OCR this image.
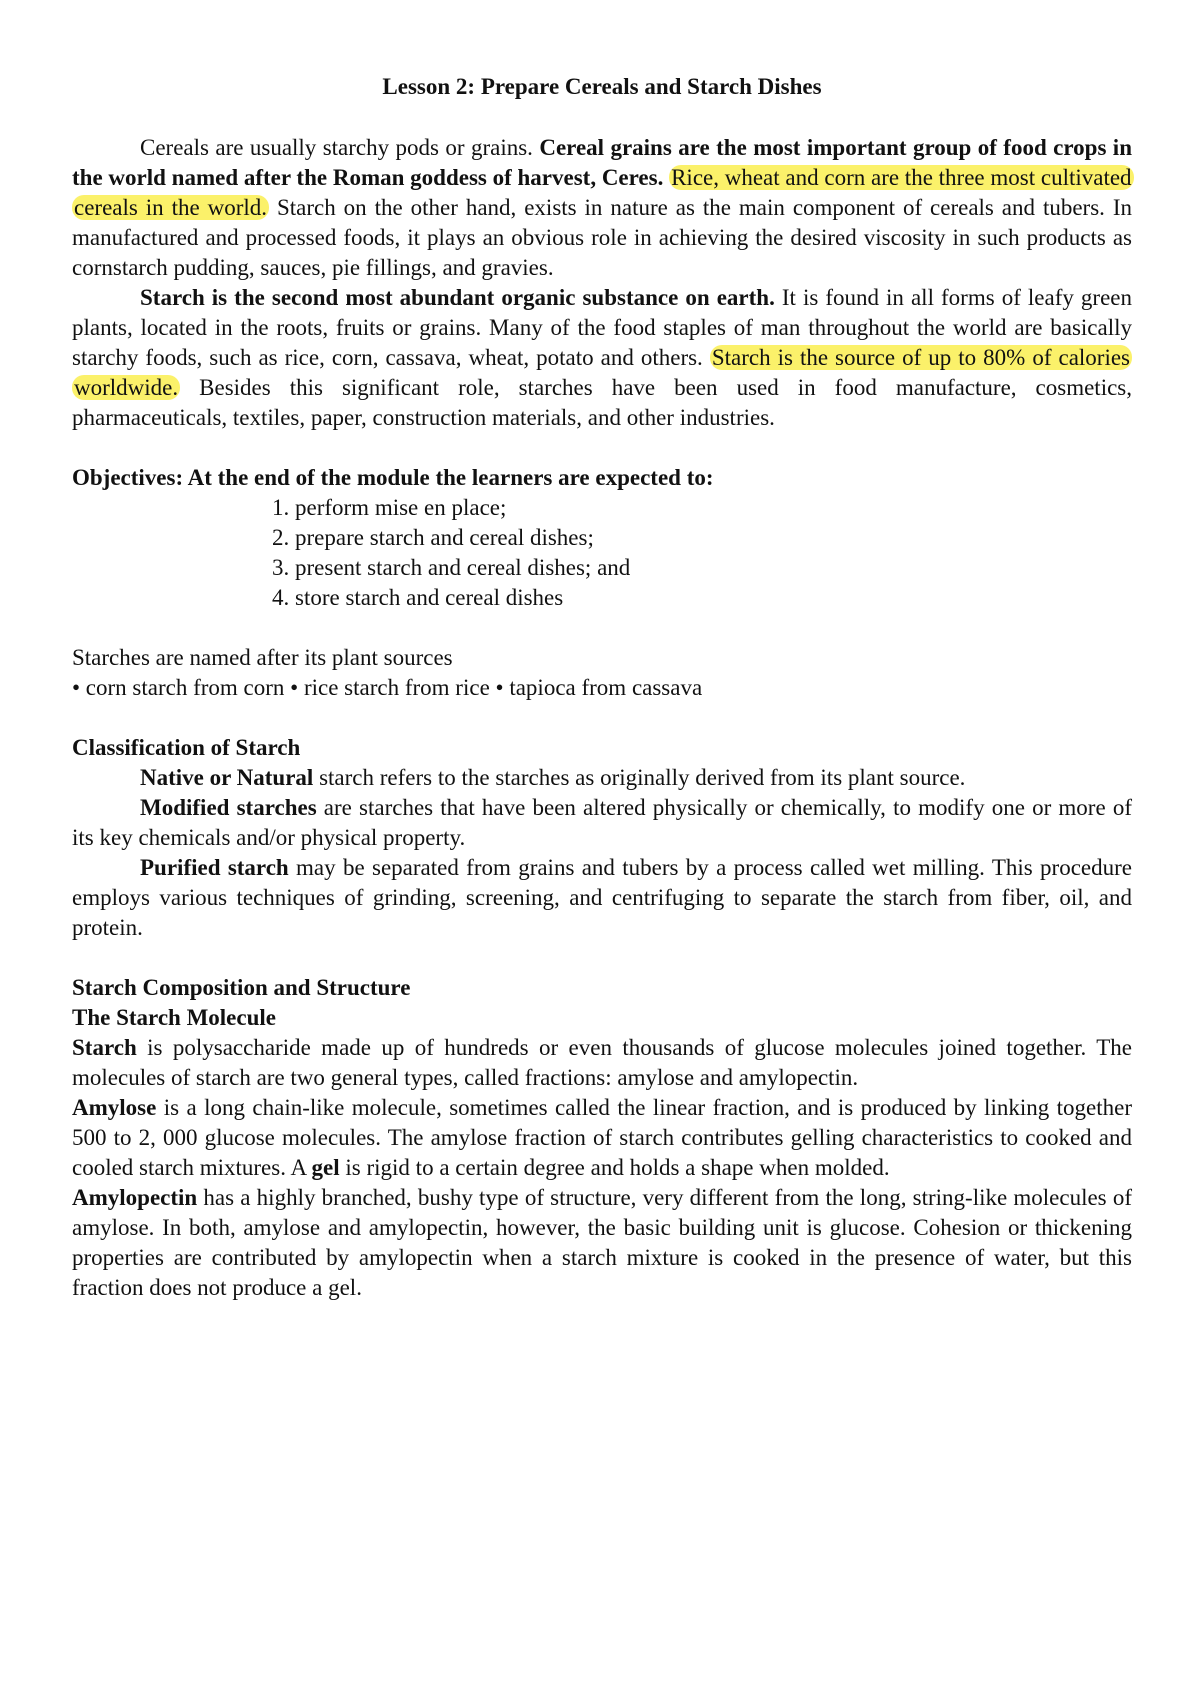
Lesson 2: Prepare Cereals and Starch Dishes

Cereals are usually starchy pods or grains. Cereal grains are the most important group of food crops in the world named after the Roman goddess of harvest, Ceres. Rice, wheat and corn are the three most cultivated cereals in the world. Starch on the other hand, exists in nature as the main component of cereals and tubers. In manufactured and processed foods, it plays an obvious role in achieving the desired viscosity in such products as cornstarch pudding, sauces, pie fillings, and gravies.

Starch is the second most abundant organic substance on earth. It is found in all forms of leafy green plants, located in the roots, fruits or grains. Many of the food staples of man throughout the world are basically starchy foods, such as rice, corn, cassava, wheat, potato and others. Starch is the source of up to 80% of calories worldwide. Besides this significant role, starches have been used in food manufacture, cosmetics, pharmaceuticals, textiles, paper, construction materials, and other industries.

Objectives: At the end of the module the learners are expected to:

1. perform mise en place;
2. prepare starch and cereal dishes;
3. present starch and cereal dishes; and
4. store starch and cereal dishes

Starches are named after its plant sources

• corn starch from corn • rice starch from rice • tapioca from cassava

Classification of Starch

Native or Natural starch refers to the starches as originally derived from its plant source.

Modified starches are starches that have been altered physically or chemically, to modify one or more of its key chemicals and/or physical property.

Purified starch may be separated from grains and tubers by a process called wet milling. This procedure employs various techniques of grinding, screening, and centrifuging to separate the starch from fiber, oil, and protein.

Starch Composition and Structure

The Starch Molecule

Starch is polysaccharide made up of hundreds or even thousands of glucose molecules joined together. The molecules of starch are two general types, called fractions: amylose and amylopectin.

Amylose is a long chain-like molecule, sometimes called the linear fraction, and is produced by linking together 500 to 2, 000 glucose molecules. The amylose fraction of starch contributes gelling characteristics to cooked and cooled starch mixtures. A gel is rigid to a certain degree and holds a shape when molded.

Amylopectin has a highly branched, bushy type of structure, very different from the long, string-like molecules of amylose. In both, amylose and amylopectin, however, the basic building unit is glucose. Cohesion or thickening properties are contributed by amylopectin when a starch mixture is cooked in the presence of water, but this fraction does not produce a gel.
